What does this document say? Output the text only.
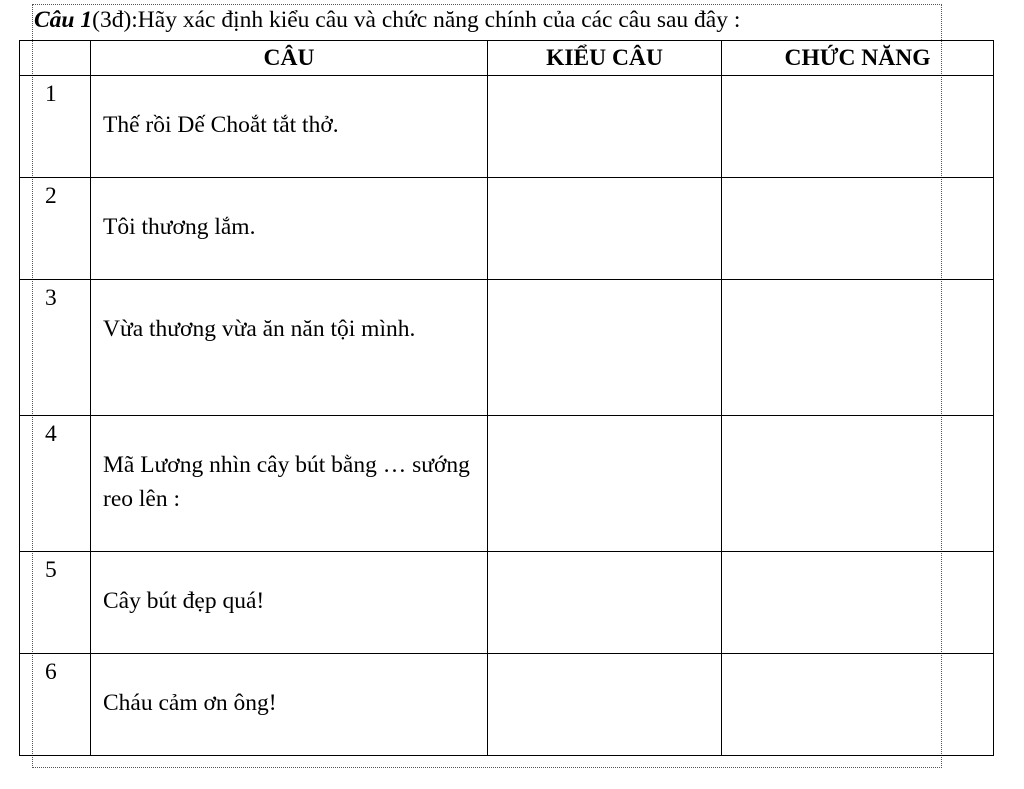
Câu 1(3đ):Hãy xác định kiểu câu và chức năng chính của các câu sau đây :
	CÂU	KIỂU CÂU	CHỨC NĂNG
1	Thế rồi Dế Choắt tắt thở.		
2	Tôi thương lắm.		
3	Vừa thương vừa ăn năn tội mình.		
4	Mã Lương nhìn cây bút bằng … sướng reo lên :		
5	Cây bút đẹp quá!		
6	Cháu cảm ơn ông!		
